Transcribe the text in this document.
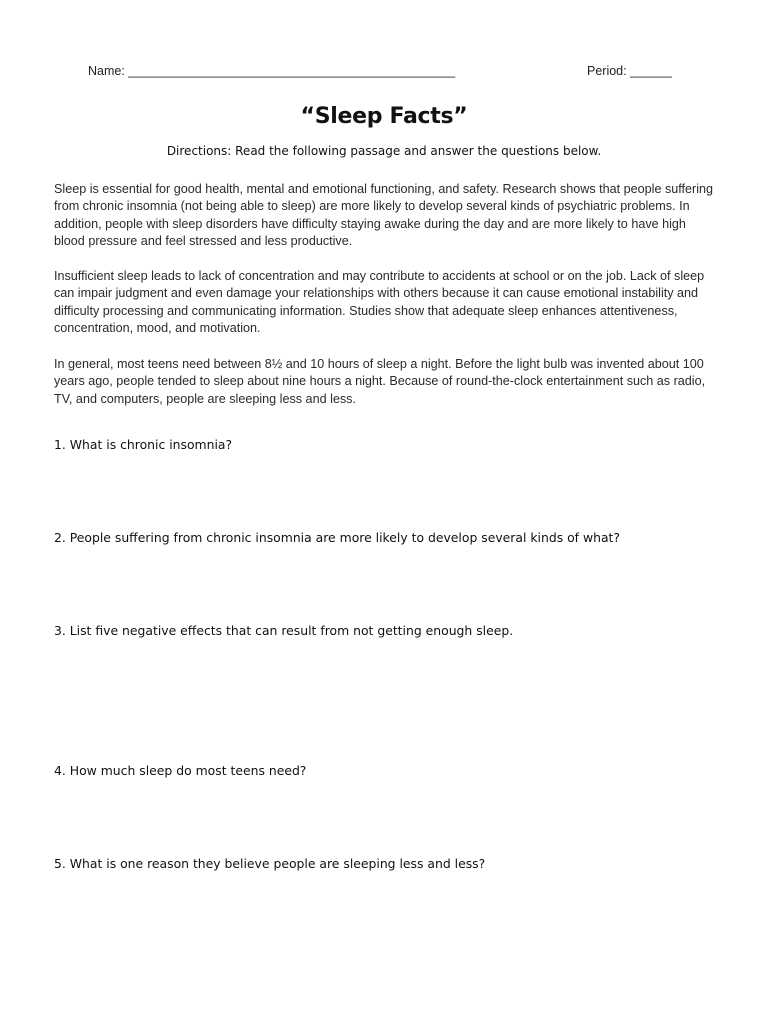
Name: _______________________________________________	Period: ______
“Sleep Facts”
Directions: Read the following passage and answer the questions below.

Sleep is essential for good health, mental and emotional functioning, and safety. Research shows that people suffering from chronic insomnia (not being able to sleep) are more likely to develop several kinds of psychiatric problems. In addition, people with sleep disorders have difficulty staying awake during the day and are more likely to have high blood pressure and feel stressed and less productive.

Insufficient sleep leads to lack of concentration and may contribute to accidents at school or on the job. Lack of sleep can impair judgment and even damage your relationships with others because it can cause emotional instability and difficulty processing and communicating information. Studies show that adequate sleep enhances attentiveness, concentration, mood, and motivation.

In general, most teens need between 8½ and 10 hours of sleep a night. Before the light bulb was invented about 100 years ago, people tended to sleep about nine hours a night. Because of round-the-clock entertainment such as radio, TV, and computers, people are sleeping less and less.

1. What is chronic insomnia?
2. People suffering from chronic insomnia are more likely to develop several kinds of what?
3. List five negative effects that can result from not getting enough sleep.
4. How much sleep do most teens need?
5. What is one reason they believe people are sleeping less and less?
